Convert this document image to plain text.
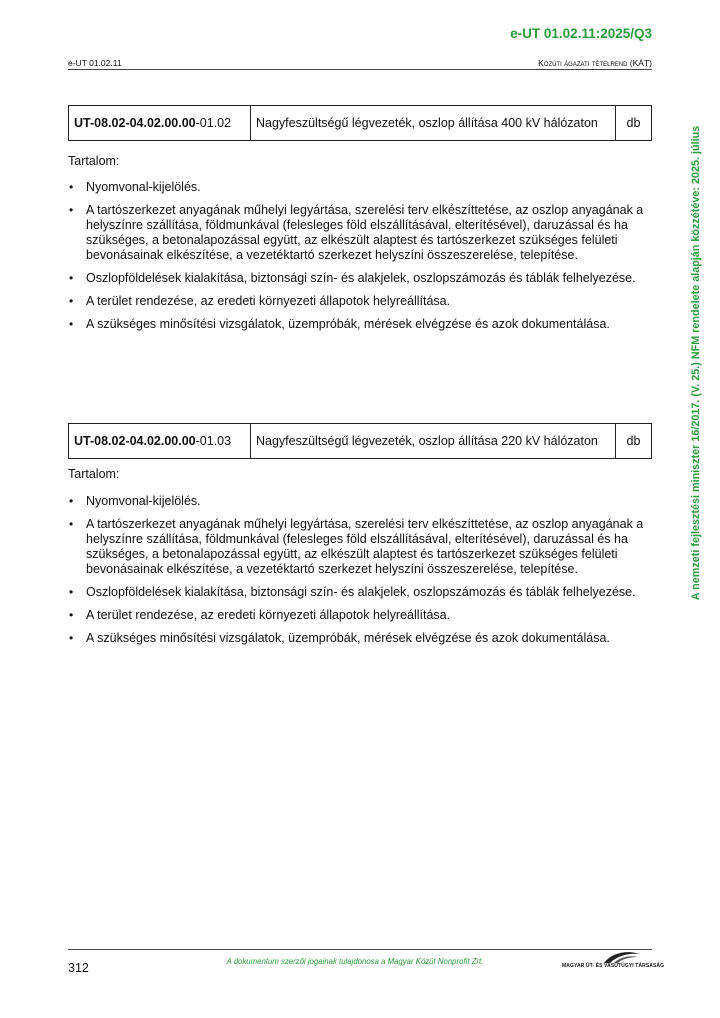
e-UT 01.02.11:2025/Q3
e-UT 01.02.11	Közúti ágazati tételrend (KÁT)
A nemzeti fejlesztési miniszter 16/2017. (V. 25.) NFM rendelete alapján közzétéve: 2025. július
UT-08.02-04.02.00.00-01.02	Nagyfeszültségű légvezeték, oszlop állítása 400 kV hálózaton	db
Tartalom:
• Nyomvonal-kijelölés.
• A tartószerkezet anyagának műhelyi legyártása, szerelési terv elkészíttetése, az oszlop anyagának a helyszínre szállítása, földmunkával (felesleges föld elszállításával, elterítésével), daruzással és ha szükséges, a betonalapozással együtt, az elkészült alaptest és tartószerkezet szükséges felületi bevonásainak elkészítése, a vezetéktartó szerkezet helyszíni összeszerelése, telepítése.
• Oszlopföldelések kialakítása, biztonsági szín- és alakjelek, oszlopszámozás és táblák felhelyezése.
• A terület rendezése, az eredeti környezeti állapotok helyreállítása.
• A szükséges minősítési vizsgálatok, üzempróbák, mérések elvégzése és azok dokumentálása.
UT-08.02-04.02.00.00-01.03	Nagyfeszültségű légvezeték, oszlop állítása 220 kV hálózaton	db
Tartalom:
• Nyomvonal-kijelölés.
• A tartószerkezet anyagának műhelyi legyártása, szerelési terv elkészíttetése, az oszlop anyagának a helyszínre szállítása, földmunkával (felesleges föld elszállításával, elterítésével), daruzással és ha szükséges, a betonalapozással együtt, az elkészült alaptest és tartószerkezet szükséges felületi bevonásainak elkészítése, a vezetéktartó szerkezet helyszíni összeszerelése, telepítése.
• Oszlopföldelések kialakítása, biztonsági szín- és alakjelek, oszlopszámozás és táblák felhelyezése.
• A terület rendezése, az eredeti környezeti állapotok helyreállítása.
• A szükséges minősítési vizsgálatok, üzempróbák, mérések elvégzése és azok dokumentálása.
312	A dokumentum szerzői jogainak tulajdonosa a Magyar Közút Nonprofit Zrt.	MAGYAR ÚT- ÉS VASÚTÜGYI TÁRSASÁG
